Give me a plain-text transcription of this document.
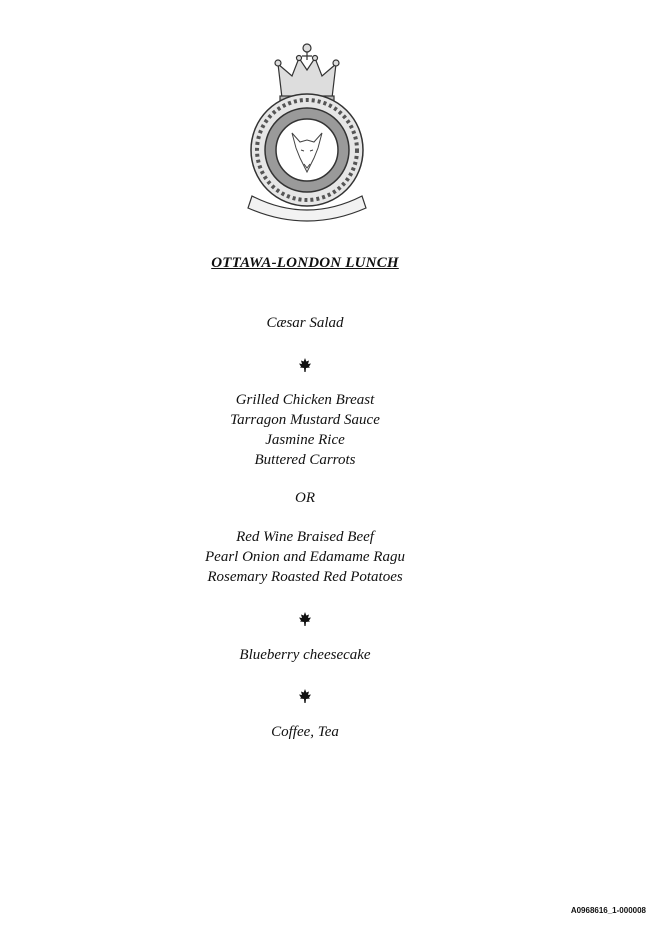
OTTAWA-LONDON LUNCH
Cæsar Salad
Grilled Chicken Breast
Tarragon Mustard Sauce
Jasmine Rice
Buttered Carrots
OR
Red Wine Braised Beef
Pearl Onion and Edamame Ragu
Rosemary Roasted Red Potatoes
Blueberry cheesecake
Coffee, Tea
A0968616_1-000008
